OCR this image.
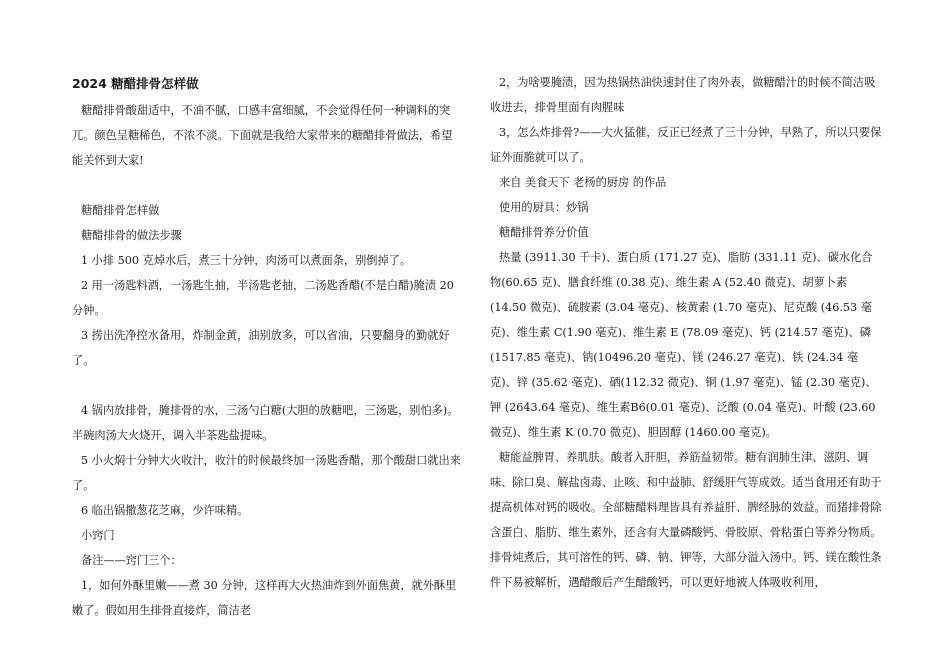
2024 糖醋排骨怎样做

糖醋排骨酸甜适中，不油不腻，口感丰富细腻，不会觉得任何一种调料的突兀。颜色呈糖稀色，不浓不淡。下面就是我给大家带来的糖醋排骨做法，希望能关怀到大家!

糖醋排骨怎样做

糖醋排骨的做法步骤

1 小排 500 克焯水后，煮三十分钟，肉汤可以煮面条，别倒掉了。

2 用一汤匙料酒，一汤匙生抽，半汤匙老抽，二汤匙香醋(不是白醋)腌渍 20 分钟。

3 捞出洗净控水备用，炸制金黄，油别放多，可以省油，只要翻身的勤就好了。

4 锅内放排骨，腌排骨的水，三汤勺白糖(大胆的放糖吧，三汤匙，别怕多)。半碗肉汤大火烧开，调入半茶匙盐提味。

5 小火焖十分钟大火收汁，收汁的时候最终加一汤匙香醋，那个酸甜口就出来了。

6 临出锅撒葱花芝麻，少许味精。

小窍门

备注——窍门三个：

1，如何外酥里嫩——煮 30 分钟，这样再大火热油炸到外面焦黄，就外酥里嫩了。假如用生排骨直接炸，简洁老

2，为啥要腌渍，因为热锅热油快速封住了肉外表，做糖醋汁的时候不简洁吸收进去，排骨里面有肉腥味

3，怎么炸排骨?——大火猛催，反正已经煮了三十分钟，早熟了，所以只要保证外面脆就可以了。

来自 美食天下 老杨的厨房 的作品

使用的厨具：炒锅

糖醋排骨养分价值

热量 (3911.30 千卡)、蛋白质 (171.27 克)、脂肪 (331.11 克)、碳水化合物(60.65 克)、膳食纤维 (0.38 克)、维生素 A (52.40 微克)、胡萝卜素 (14.50 微克)、硫胺素 (3.04 毫克)、核黄素 (1.70 毫克)、尼克酸 (46.53 毫克)、维生素 C(1.90 毫克)、维生素 E (78.09 毫克)、钙 (214.57 毫克)、磷 (1517.85 毫克)、钠(10496.20 毫克)、镁 (246.27 毫克)、铁 (24.34 毫克)、锌 (35.62 毫克)、硒(112.32 微克)、铜 (1.97 毫克)、锰 (2.30 毫克)、钾 (2643.64 毫克)、维生素B6(0.01 毫克)、泛酸 (0.04 毫克)、叶酸 (23.60 微克)、维生素 K (0.70 微克)、胆固醇 (1460.00 毫克)。

糖能益脾胃、养肌肤。酸者入肝胆，养筋益韧带。糖有润肺生津、滋阴、调味、除口臭、解盐卤毒、止咳、和中益肺、舒缓肝气等成效。适当食用还有助于提高机体对钙的吸收。全部糖醋料理皆具有养益肝、脾经脉的效益。而猪排骨除含蛋白、脂肪、维生素外，还含有大量磷酸钙、骨胶原、骨粘蛋白等养分物质。排骨炖煮后，其可溶性的钙、磷、钠、钾等，大部分溢入汤中。钙、镁在酸性条件下易被解析，遇醋酸后产生醋酸钙，可以更好地被人体吸收利用，
